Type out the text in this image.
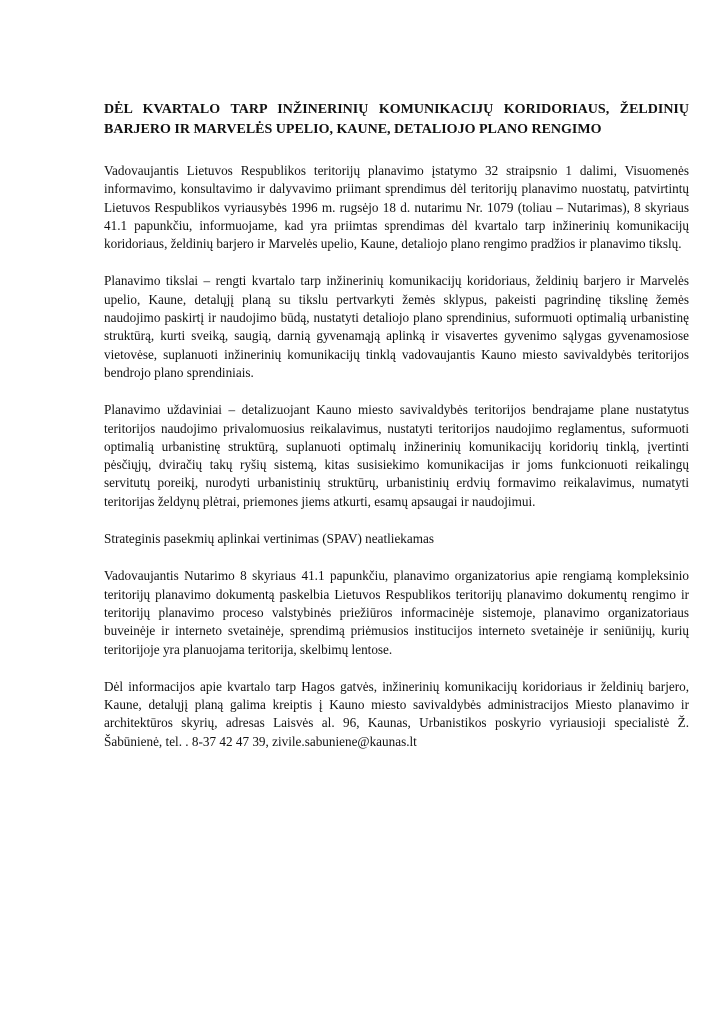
DĖL KVARTALO TARP INŽINERINIŲ KOMUNIKACIJŲ KORIDORIAUS, ŽELDINIŲ BARJERO IR MARVELĖS UPELIO, KAUNE, DETALIOJO PLANO RENGIMO

Vadovaujantis Lietuvos Respublikos teritorijų planavimo įstatymo 32 straipsnio 1 dalimi, Visuomenės informavimo, konsultavimo ir dalyvavimo priimant sprendimus dėl teritorijų planavimo nuostatų, patvirtintų Lietuvos Respublikos vyriausybės 1996 m. rugsėjo 18 d. nutarimu Nr. 1079 (toliau – Nutarimas), 8 skyriaus 41.1 papunkčiu, informuojame, kad yra priimtas sprendimas dėl kvartalo tarp inžinerinių komunikacijų koridoriaus, želdinių barjero ir Marvelės upelio, Kaune, detaliojo plano rengimo pradžios ir planavimo tikslų.

Planavimo tikslai – rengti kvartalo tarp inžinerinių komunikacijų koridoriaus, želdinių barjero ir Marvelės upelio, Kaune, detalųjį planą su tikslu pertvarkyti žemės sklypus, pakeisti pagrindinę tikslinę žemės naudojimo paskirtį ir naudojimo būdą, nustatyti detaliojo plano sprendinius, suformuoti optimalią urbanistinę struktūrą, kurti sveiką, saugią, darnią gyvenamąją aplinką ir visavertes gyvenimo sąlygas gyvenamosiose vietovėse, suplanuoti inžinerinių komunikacijų tinklą vadovaujantis Kauno miesto savivaldybės teritorijos bendrojo plano sprendiniais.

Planavimo uždaviniai – detalizuojant Kauno miesto savivaldybės teritorijos bendrajame plane nustatytus teritorijos naudojimo privalomuosius reikalavimus, nustatyti teritorijos naudojimo reglamentus, suformuoti optimalią urbanistinę struktūrą, suplanuoti optimalų inžinerinių komunikacijų koridorių tinklą, įvertinti pėsčiųjų, dviračių takų ryšių sistemą, kitas susisiekimo komunikacijas ir joms funkcionuoti reikalingų servitutų poreikį, nurodyti urbanistinių struktūrų, urbanistinių erdvių formavimo reikalavimus, numatyti teritorijas želdynų plėtrai, priemones jiems atkurti, esamų apsaugai ir naudojimui.

Strateginis pasekmių aplinkai vertinimas (SPAV) neatliekamas

Vadovaujantis Nutarimo 8 skyriaus 41.1 papunkčiu, planavimo organizatorius apie rengiamą kompleksinio teritorijų planavimo dokumentą paskelbia Lietuvos Respublikos teritorijų planavimo dokumentų rengimo ir teritorijų planavimo proceso valstybinės priežiūros informacinėje sistemoje, planavimo organizatoriaus buveinėje ir interneto svetainėje, sprendimą priėmusios institucijos interneto svetainėje ir seniūnijų, kurių teritorijoje yra planuojama teritorija, skelbimų lentose.

Dėl informacijos apie kvartalo tarp Hagos gatvės, inžinerinių komunikacijų koridoriaus ir želdinių barjero, Kaune, detalųjį planą galima kreiptis į Kauno miesto savivaldybės administracijos Miesto planavimo ir architektūros skyrių, adresas Laisvės al. 96, Kaunas, Urbanistikos poskyrio vyriausioji specialistė Ž. Šabūnienė, tel. . 8-37 42 47 39, zivile.sabuniene@kaunas.lt
